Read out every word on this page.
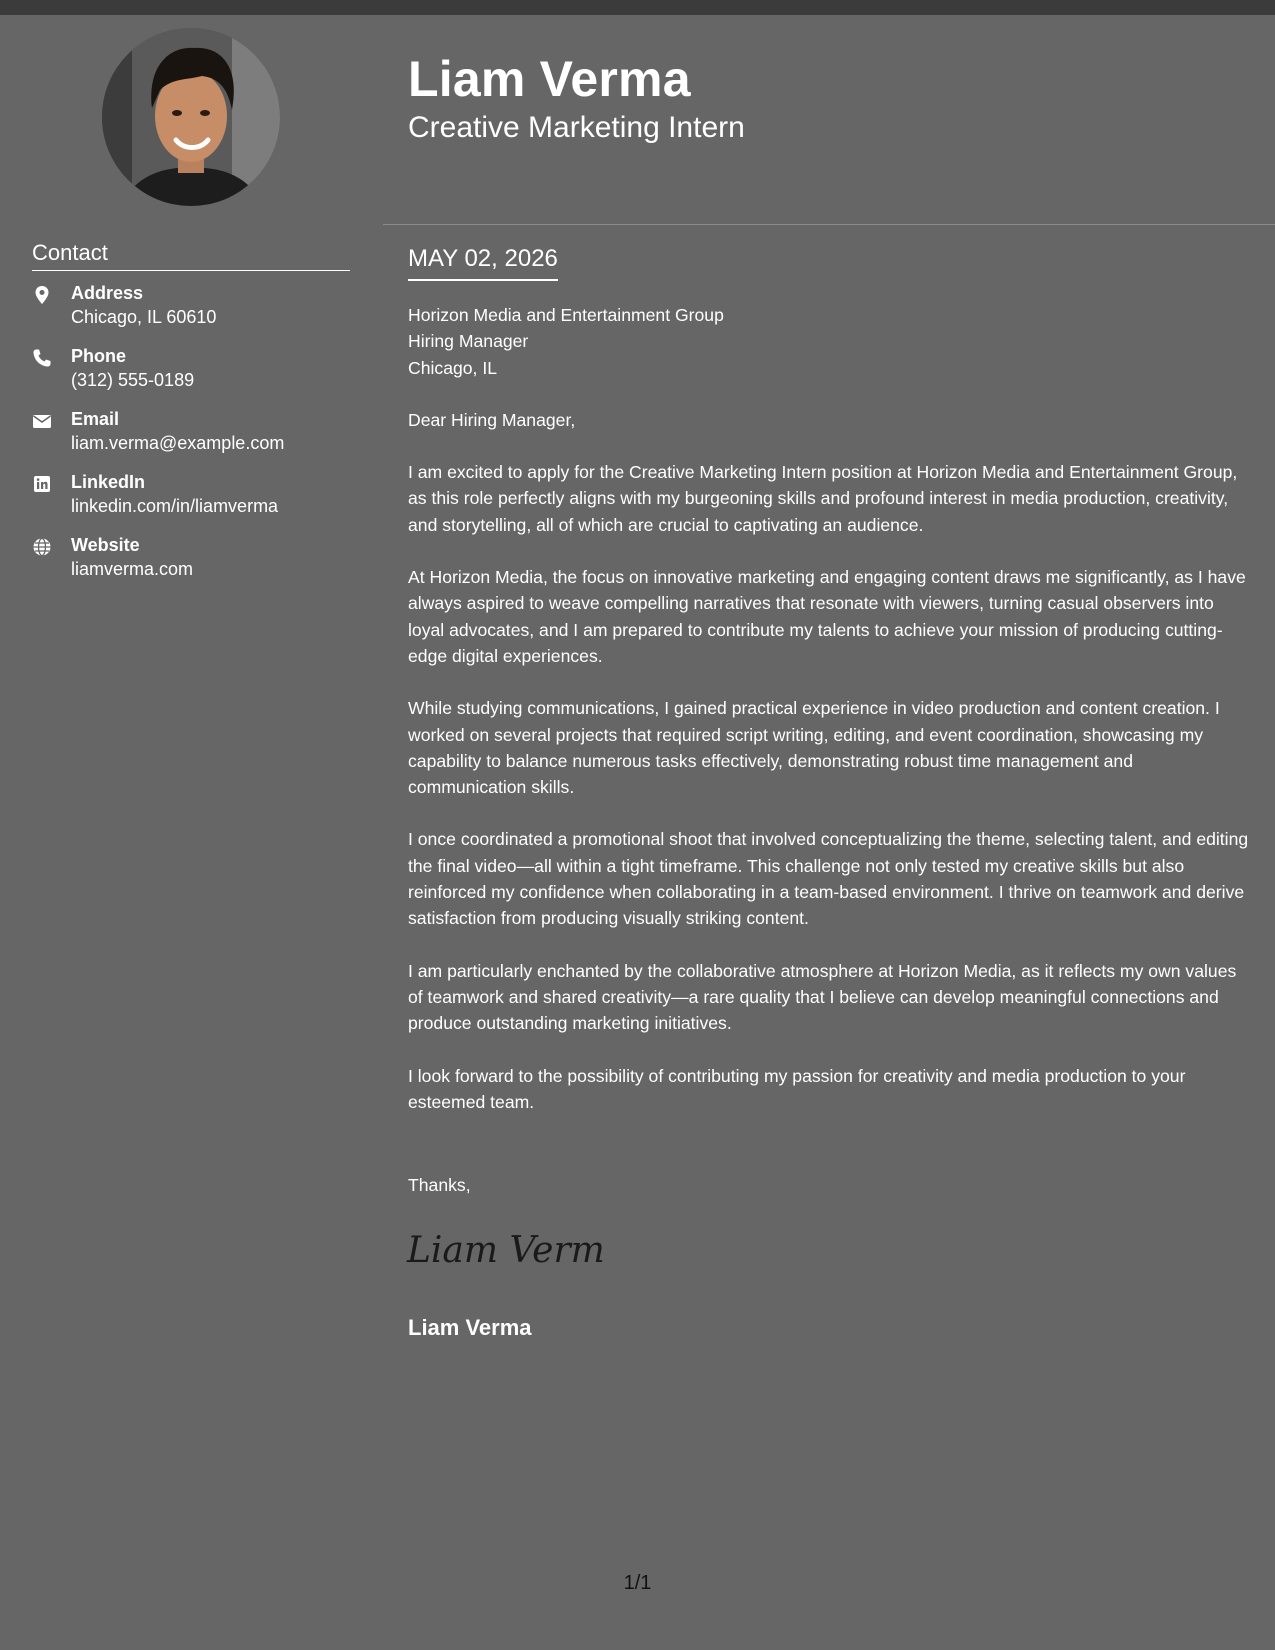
Contact
Address
Chicago, IL 60610
Phone
(312) 555-0189
Email
liam.verma@example.com
LinkedIn
linkedin.com/in/liamverma
Website
liamverma.com
Liam Verma
Creative Marketing Intern
MAY 02, 2026

Horizon Media and Entertainment Group

Hiring Manager

Chicago, IL

Dear Hiring Manager,

I am excited to apply for the Creative Marketing Intern position at Horizon Media and Entertainment Group, as this role perfectly aligns with my burgeoning skills and profound interest in media production, creativity, and storytelling, all of which are crucial to captivating an audience.

At Horizon Media, the focus on innovative marketing and engaging content draws me significantly, as I have always aspired to weave compelling narratives that resonate with viewers, turning casual observers into loyal advocates, and I am prepared to contribute my talents to achieve your mission of producing cutting-edge digital experiences.

While studying communications, I gained practical experience in video production and content creation. I worked on several projects that required script writing, editing, and event coordination, showcasing my capability to balance numerous tasks effectively, demonstrating robust time management and communication skills.

I once coordinated a promotional shoot that involved conceptualizing the theme, selecting talent, and editing the final video—all within a tight timeframe. This challenge not only tested my creative skills but also reinforced my confidence when collaborating in a team-based environment. I thrive on teamwork and derive satisfaction from producing visually striking content.

I am particularly enchanted by the collaborative atmosphere at Horizon Media, as it reflects my own values of teamwork and shared creativity—a rare quality that I believe can develop meaningful connections and produce outstanding marketing initiatives.

I look forward to the possibility of contributing my passion for creativity and media production to your esteemed team.

Thanks,
Liam Verma
Liam Verma
1/1
